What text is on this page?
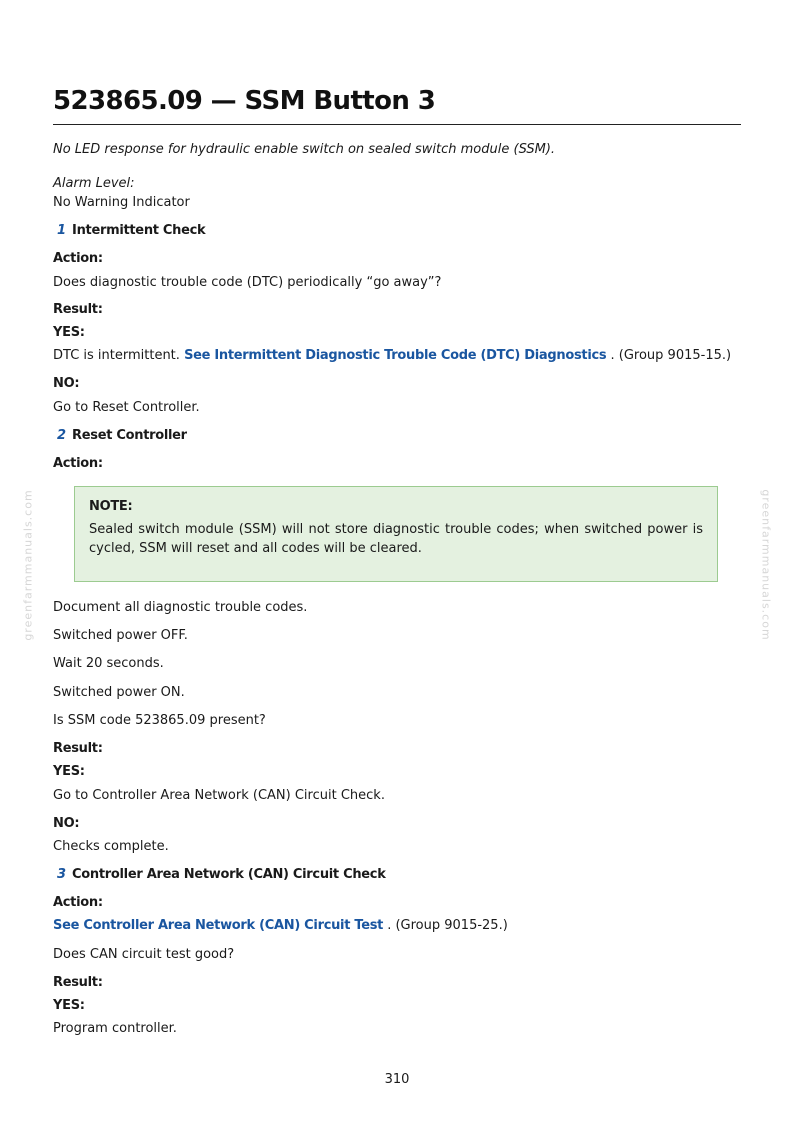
523865.09 — SSM Button 3
No LED response for hydraulic enable switch on sealed switch module (SSM).
Alarm Level:
No Warning Indicator
1 Intermittent Check
Action:
Does diagnostic trouble code (DTC) periodically “go away”?
Result:
YES:
DTC is intermittent. See Intermittent Diagnostic Trouble Code (DTC) Diagnostics . (Group 9015-15.)
NO:
Go to Reset Controller.
2 Reset Controller
Action:
NOTE:
Sealed switch module (SSM) will not store diagnostic trouble codes; when switched power is cycled, SSM will reset and all codes will be cleared.
Document all diagnostic trouble codes.
Switched power OFF.
Wait 20 seconds.
Switched power ON.
Is SSM code 523865.09 present?
Result:
YES:
Go to Controller Area Network (CAN) Circuit Check.
NO:
Checks complete.
3 Controller Area Network (CAN) Circuit Check
Action:
See Controller Area Network (CAN) Circuit Test . (Group 9015-25.)
Does CAN circuit test good?
Result:
YES:
Program controller.
greenfarmmanuals.com	greenfarmmanuals.com
310
